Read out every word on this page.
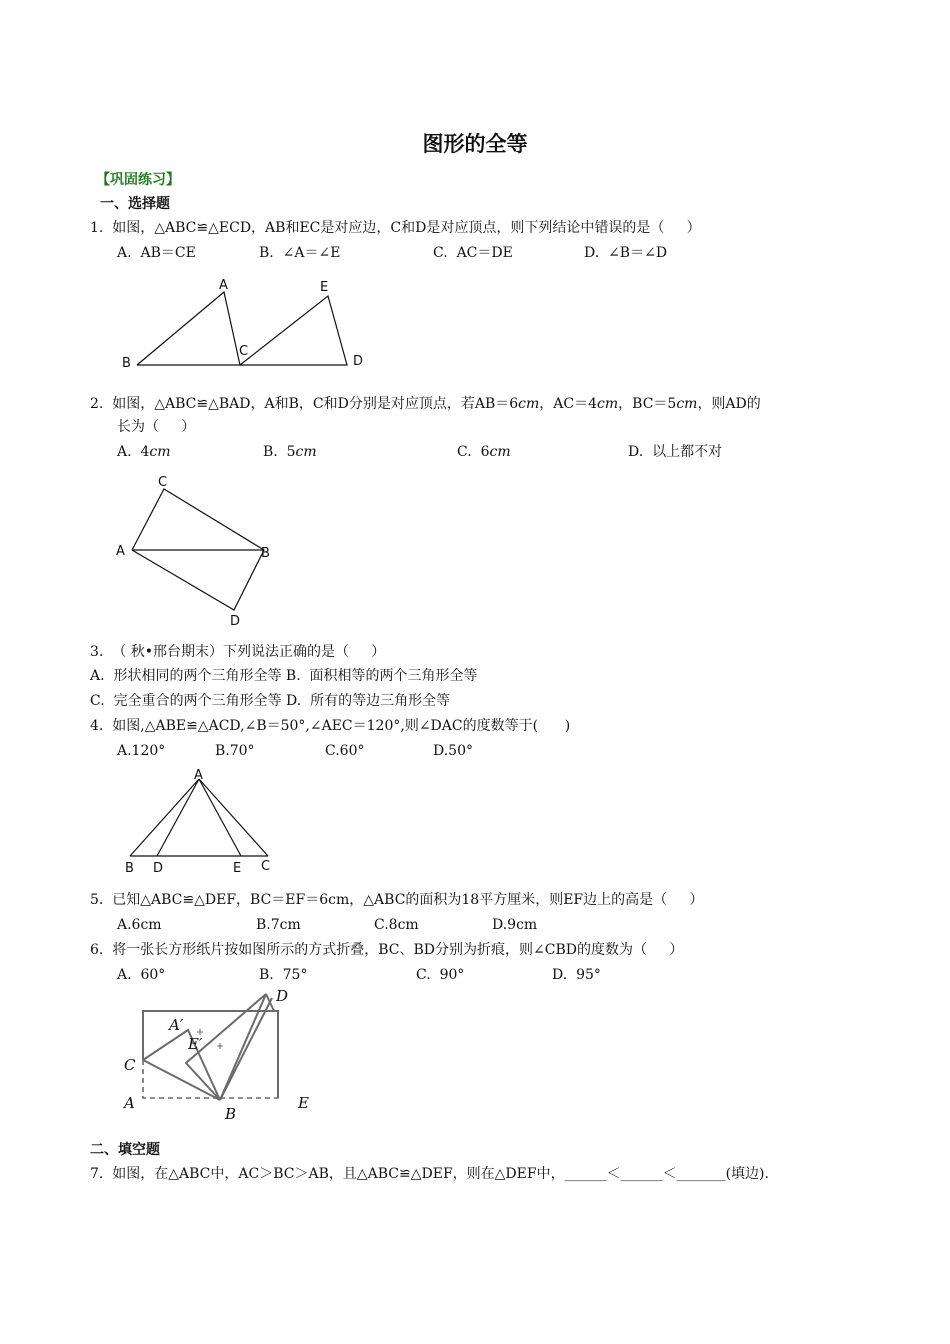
图形的全等
【巩固练习】
一、选择题
1.  如图，△ABC≌△ECD，AB和EC是对应边，C和D是对应顶点，则下列结论中错误的是（     ）
A.  AB＝CE	B.  ∠A＝∠E	C.  AC＝DE	D.  ∠B＝∠D
A
B
C
D
E
2.  如图，△ABC≌△BAD，A和B，C和D分别是对应顶点，若AB＝6cm，AC＝4cm，BC＝5cm，则AD的
长为（     ）
A.  4cm	B.  5cm	C.  6cm	D.  以上都不对
C
A	B
D
3.  （ 秋•邢台期末）下列说法正确的是（     ）
A.  形状相同的两个三角形全等 B.  面积相等的两个三角形全等
C.  完全重合的两个三角形全等 D.  所有的等边三角形全等
4.  如图,△ABE≌△ACD,∠B＝50°,∠AEC＝120°,则∠DAC的度数等于(      )
A.120°	B.70°	C.60°	D.50°
A
B D	E C
5.  已知△ABC≌△DEF，BC＝EF＝6cm，△ABC的面积为18平方厘米，则EF边上的高是（     ）
A.6cm	B.7cm	C.8cm	D.9cm
6.  将一张长方形纸片按如图所示的方式折叠，BC、BD分别为折痕，则∠CBD的度数为（     ）
A.  60°	B.  75°	C.  90°	D.  95°
D
A′
E′
C
A
B
E
二、填空题
7.  如图，在△ABC中，AC＞BC＞AB，且△ABC≌△DEF，则在△DEF中，______＜______＜_______(填边).
